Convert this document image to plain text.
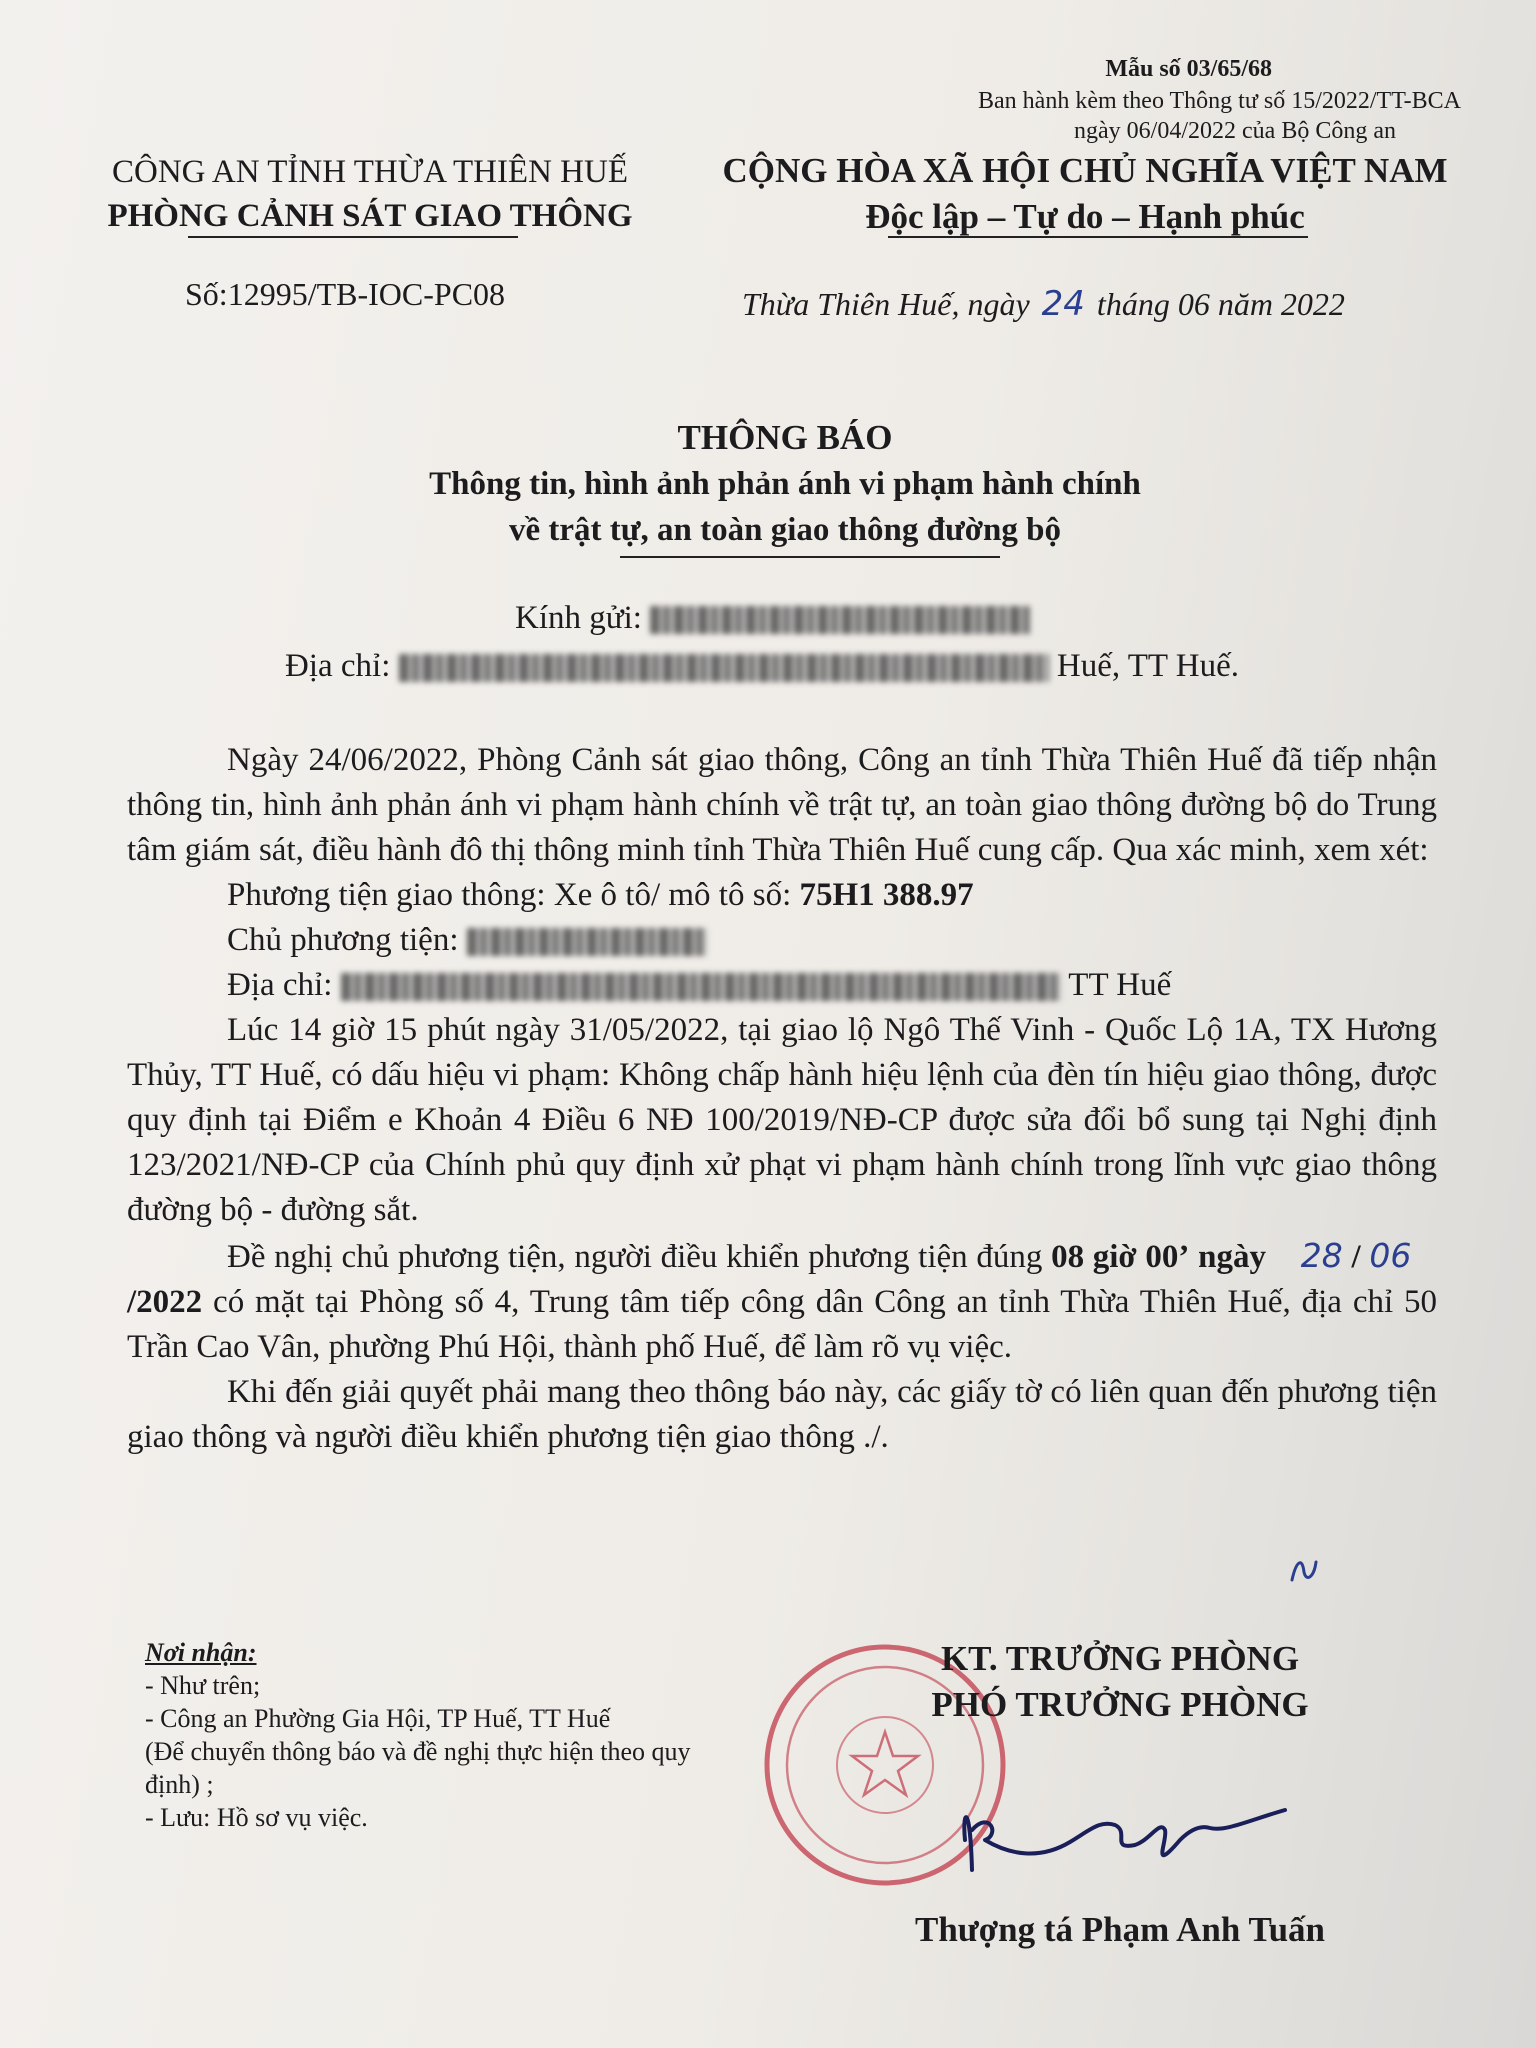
Mẫu số 03/65/68
Ban hành kèm theo Thông tư số 15/2022/TT-BCA
ngày 06/04/2022 của Bộ Công an
CÔNG AN TỈNH THỪA THIÊN HUẾ
PHÒNG CẢNH SÁT GIAO THÔNG
Số:12995/TB-IOC-PC08
CỘNG HÒA XÃ HỘI CHỦ NGHĨA VIỆT NAM
Độc lập – Tự do – Hạnh phúc
Thừa Thiên Huế, ngày 24 tháng 06 năm 2022
THÔNG BÁO
Thông tin, hình ảnh phản ánh vi phạm hành chính
về trật tự, an toàn giao thông đường bộ
Kính gửi:
Địa chỉ:	Huế, TT Huế.

Ngày 24/06/2022, Phòng Cảnh sát giao thông, Công an tỉnh Thừa Thiên Huế đã tiếp nhận thông tin, hình ảnh phản ánh vi phạm hành chính về trật tự, an toàn giao thông đường bộ do Trung tâm giám sát, điều hành đô thị thông minh tỉnh Thừa Thiên Huế cung cấp. Qua xác minh, xem xét:

Phương tiện giao thông: Xe ô tô/ mô tô số: 75H1 388.97

Chủ phương tiện:

Địa chỉ:	TT Huế

Lúc 14 giờ 15 phút ngày 31/05/2022, tại giao lộ Ngô Thế Vinh - Quốc Lộ 1A, TX Hương Thủy, TT Huế, có dấu hiệu vi phạm: Không chấp hành hiệu lệnh của đèn tín hiệu giao thông, được quy định tại Điểm e Khoản 4 Điều 6 NĐ 100/2019/NĐ-CP được sửa đổi bổ sung tại Nghị định 123/2021/NĐ-CP của Chính phủ quy định xử phạt vi phạm hành chính trong lĩnh vực giao thông đường bộ - đường sắt.

Đề nghị chủ phương tiện, người điều khiển phương tiện đúng 08 giờ 00’ ngày 28 / 06    /2022 có mặt tại Phòng số 4, Trung tâm tiếp công dân Công an tỉnh Thừa Thiên Huế, địa chỉ 50 Trần Cao Vân, phường Phú Hội, thành phố Huế, để làm rõ vụ việc.

Khi đến giải quyết phải mang theo thông báo này, các giấy tờ có liên quan đến phương tiện giao thông và người điều khiển phương tiện giao thông ./.

Nơi nhận:
- Như trên;
- Công an Phường Gia Hội, TP Huế, TT Huế
(Để chuyển thông báo và đề nghị thực hiện theo quy định) ;
- Lưu: Hồ sơ vụ việc.
KT. TRƯỞNG PHÒNG
PHÓ TRƯỞNG PHÒNG
Thượng tá Phạm Anh Tuấn
